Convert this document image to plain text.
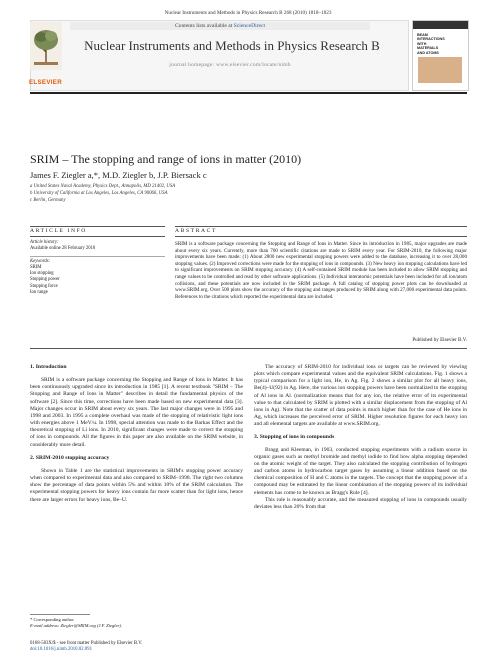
Nuclear Instruments and Methods in Physics Research B 268 (2010) 1818–1823
ELSEVIER
Contents lists available at ScienceDirect
Nuclear Instruments and Methods in Physics Research B
journal homepage: www.elsevier.com/locate/nimb
BEAM INTERACTIONS WITH MATERIALS AND ATOMS
SRIM – The stopping and range of ions in matter (2010)
James F. Ziegler a,*, M.D. Ziegler b, J.P. Biersack c
a United States Naval Academy, Physics Dept., Annapolis, MD 21402, USA
b University of California at Los Angeles, Los Angeles, CA 90066, USA
c Berlin, Germany
ARTICLE INFO	ABSTRACT
Article history:
Available online 28 February 2010
Keywords:
SRIM
Ion stopping
Stopping power
Stopping force
Ion range
SRIM is a software package concerning the Stopping and Range of Ions in Matter. Since its introduction in 1985, major upgrades are made about every six years. Currently, more than 700 scientific citations are made to SRIM every year. For SRIM-2010, the following major improvements have been made: (1) About 2800 new experimental stopping powers were added to the database, increasing it to over 28,000 stopping values. (2) Improved corrections were made for the stopping of ions in compounds. (3) New heavy ion stopping calculations have led to significant improvements on SRIM stopping accuracy. (4) A self-contained SRIM module has been included to allow SRIM stopping and range values to be controlled and read by other software applications. (5) Individual interatomic potentials have been included for all ion/atom collisions, and these potentials are now included in the SRIM package. A full catalog of stopping power plots can be downloaded at www.SRIM.org. Over 500 plots show the accuracy of the stopping and ranges produced by SRIM along with 27,000 experimental data points. References to the citations which reported the experimental data are included.
Published by Elsevier B.V.
1. Introduction

SRIM is a software package concerning the Stopping and Range of Ions in Matter. It has been continuously upgraded since its introduction in 1985 [1]. A recent textbook "SRIM – The Stopping and Range of Ions in Matter" describes in detail the fundamental physics of the software [2]. Since this time, corrections have been made based on new experimental data [3]. Major changes occur in SRIM about every six years. The last major changes were in 1995 and 1998 and 2003. In 1995 a complete overhaul was made of the stopping of relativistic light ions with energies above 1 MeV/u. In 1998, special attention was made to the Barkas Effect and the theoretical stopping of Li ions. In 2010, significant changes were made to correct the stopping of ions in compounds. All the figures in this paper are also available on the SRIM website, in considerably more detail.

2. SRIM-2010 stopping accuracy

Shown in Table 1 are the statistical improvements in SRIM's stopping power accuracy when compared to experimental data and also compared to SRIM–1998. The right two columns show the percentage of data points within 5% and within 10% of the SRIM calculation. The experimental stopping powers for heavy ions contain far more scatter than for light ions, hence there are larger errors for heavy ions, Be–U.

The accuracy of SRIM-2010 for individual ions or targets can be reviewed by viewing plots which compare experimental values and the equivalent SRIM calculations. Fig. 1 shows a typical comparison for a light ion, He, in Ag. Fig. 2 shows a similar plot for all heavy ions, Be(4)–U(92) in Ag. Here, the various ion stopping powers have been normalized to the stopping of Al ions in Al. (normalization means that for any ion, the relative error of its experimental value to that calculated by SRIM is plotted with a similar displacement from the stopping of Al ions in Ag). Note that the scatter of data points is much higher than for the case of He ions in Ag, which increases the perceived error of SRIM. Higher resolution figures for each heavy ion and all elemental targets are available at www.SRIM.org.

3. Stopping of ions in compounds

Bragg and Kleeman, in 1903, conducted stopping experiments with a radium source in organic gases such as methyl bromide and methyl iodide to find how alpha stopping depended on the atomic weight of the target. They also calculated the stopping contribution of hydrogen and carbon atoms in hydrocarbon target gases by assuming a linear addition based on the chemical composition of H and C atoms in the targets. The concept that the stopping power of a compound may be estimated by the linear combination of the stopping powers of its individual elements has come to be known as Bragg's Rule [4].

This rule is reasonably accurate, and the measured stopping of ions in compounds usually deviates less than 20% from that

* Corresponding author.
E-mail address: Ziegler@SRIM.org (J.F. Ziegler).
0168-583X/$ - see front matter Published by Elsevier B.V.
doi:10.1016/j.nimb.2010.02.091
